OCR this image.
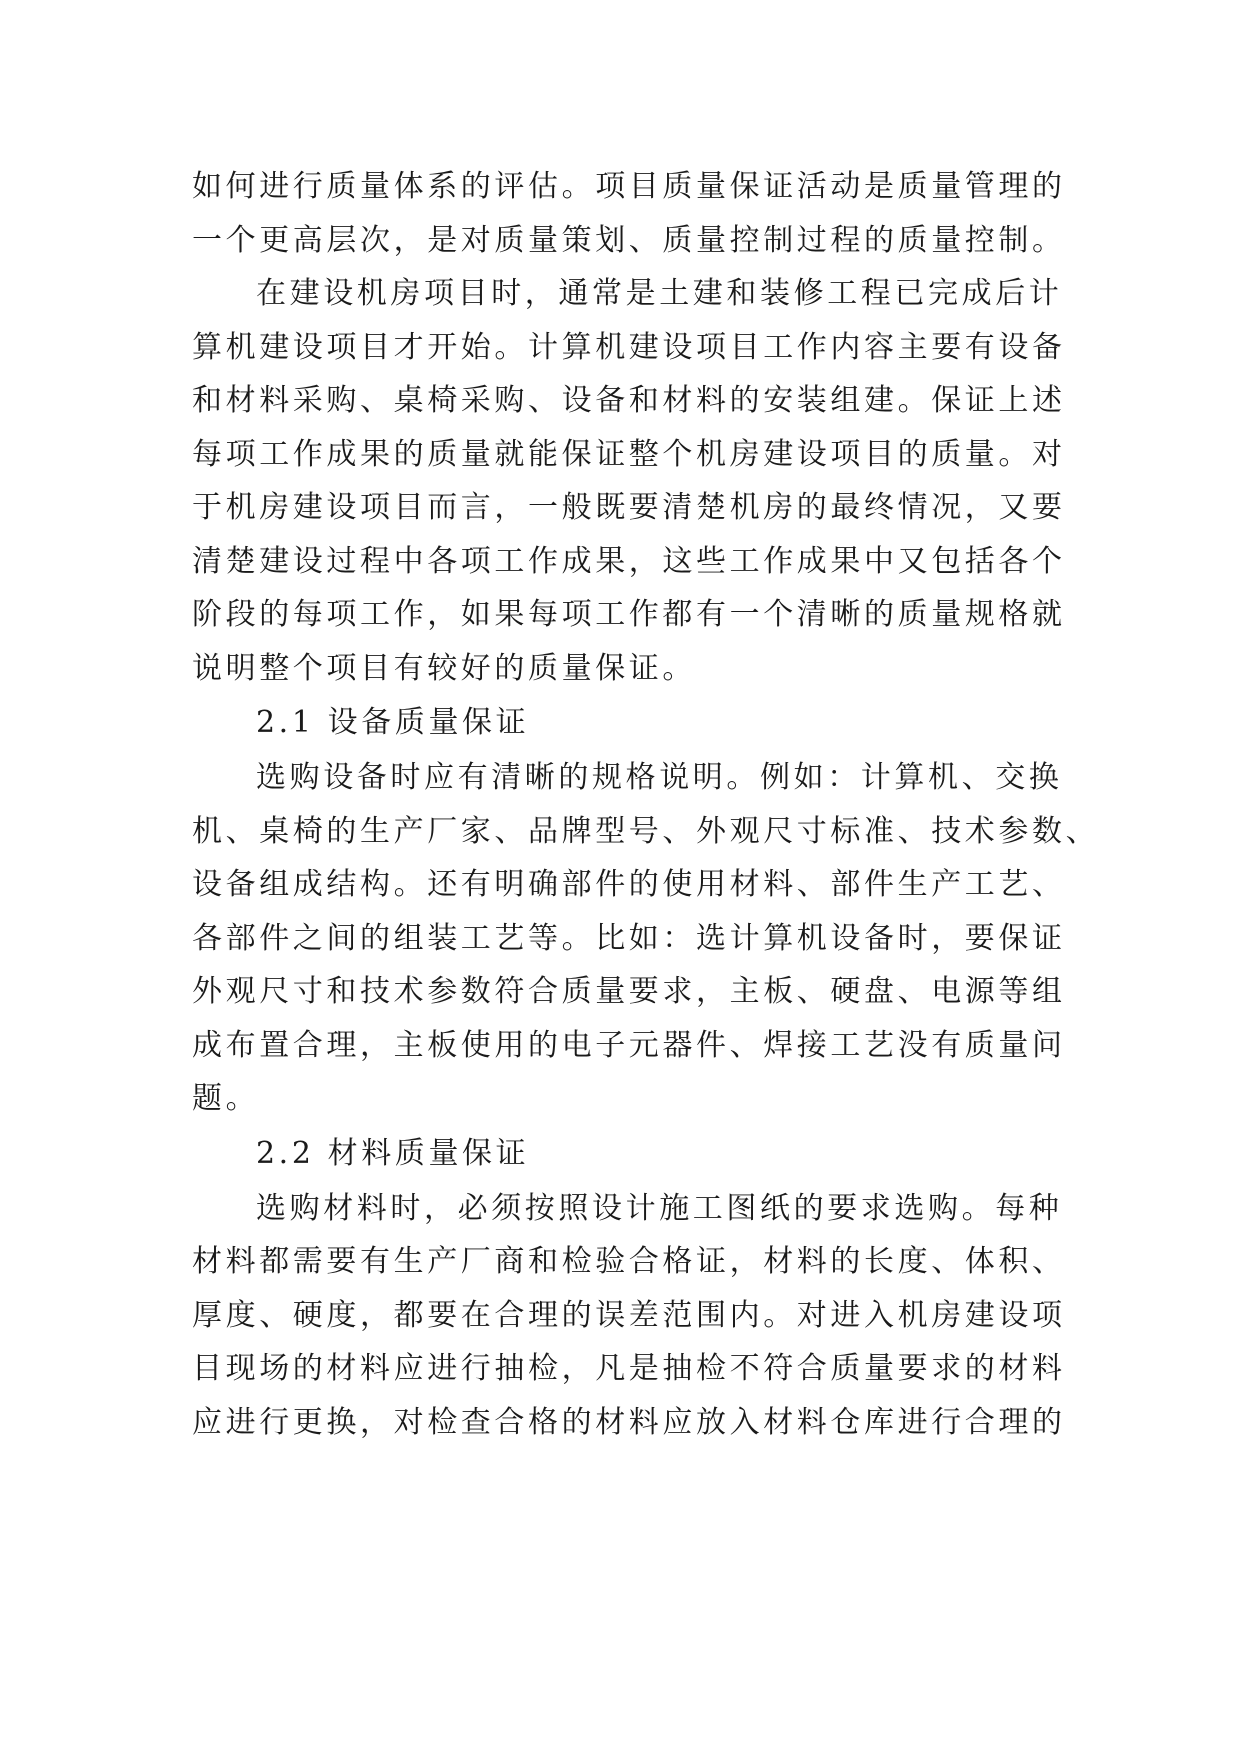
如何进行质量体系的评估。项目质量保证活动是质量管理的
一个更高层次，是对质量策划、质量控制过程的质量控制。
在建设机房项目时，通常是土建和装修工程已完成后计
算机建设项目才开始。计算机建设项目工作内容主要有设备
和材料采购、桌椅采购、设备和材料的安装组建。保证上述
每项工作成果的质量就能保证整个机房建设项目的质量。对
于机房建设项目而言，一般既要清楚机房的最终情况，又要
清楚建设过程中各项工作成果，这些工作成果中又包括各个
阶段的每项工作，如果每项工作都有一个清晰的质量规格就
说明整个项目有较好的质量保证。
2.1 设备质量保证
选购设备时应有清晰的规格说明。例如：计算机、交换
机、桌椅的生产厂家、品牌型号、外观尺寸标准、技术参数、
设备组成结构。还有明确部件的使用材料、部件生产工艺、
各部件之间的组装工艺等。比如：选计算机设备时，要保证
外观尺寸和技术参数符合质量要求，主板、硬盘、电源等组
成布置合理，主板使用的电子元器件、焊接工艺没有质量问
题。
2.2 材料质量保证
选购材料时，必须按照设计施工图纸的要求选购。每种
材料都需要有生产厂商和检验合格证，材料的长度、体积、
厚度、硬度，都要在合理的误差范围内。对进入机房建设项
目现场的材料应进行抽检，凡是抽检不符合质量要求的材料
应进行更换，对检查合格的材料应放入材料仓库进行合理的
